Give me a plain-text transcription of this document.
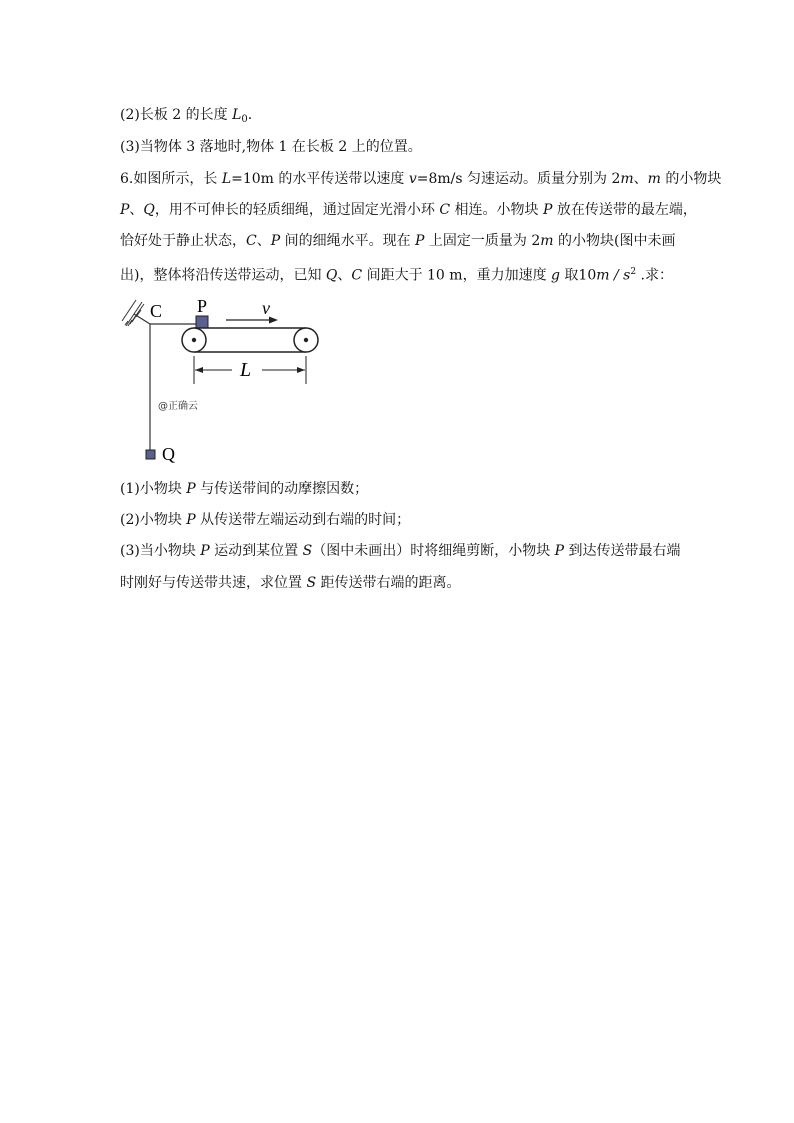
(2)长板 2 的长度 $L_0$.
(3)当物体 3 落地时,物体 1 在长板 2 上的位置。
6.如图所示，长 L=10m 的水平传送带以速度 v=8m/s 匀速运动。质量分别为 2m、m 的小物块
P、Q，用不可伸长的轻质细绳，通过固定光滑小环 C 相连。小物块 P 放在传送带的最左端，
恰好处于静止状态，C、P 间的细绳水平。现在 P 上固定一质量为 2m 的小物块(图中未画
出)，整体将沿传送带运动，已知 Q、C 间距大于 10 m，重力加速度 g 取$10m / s^2$ .求：
C P	v
L
Q
@正确云
(1)小物块 P 与传送带间的动摩擦因数；
(2)小物块 P 从传送带左端运动到右端的时间；
(3)当小物块 P 运动到某位置 S（图中未画出）时将细绳剪断，小物块 P 到达传送带最右端
时刚好与传送带共速，求位置 S 距传送带右端的距离。
